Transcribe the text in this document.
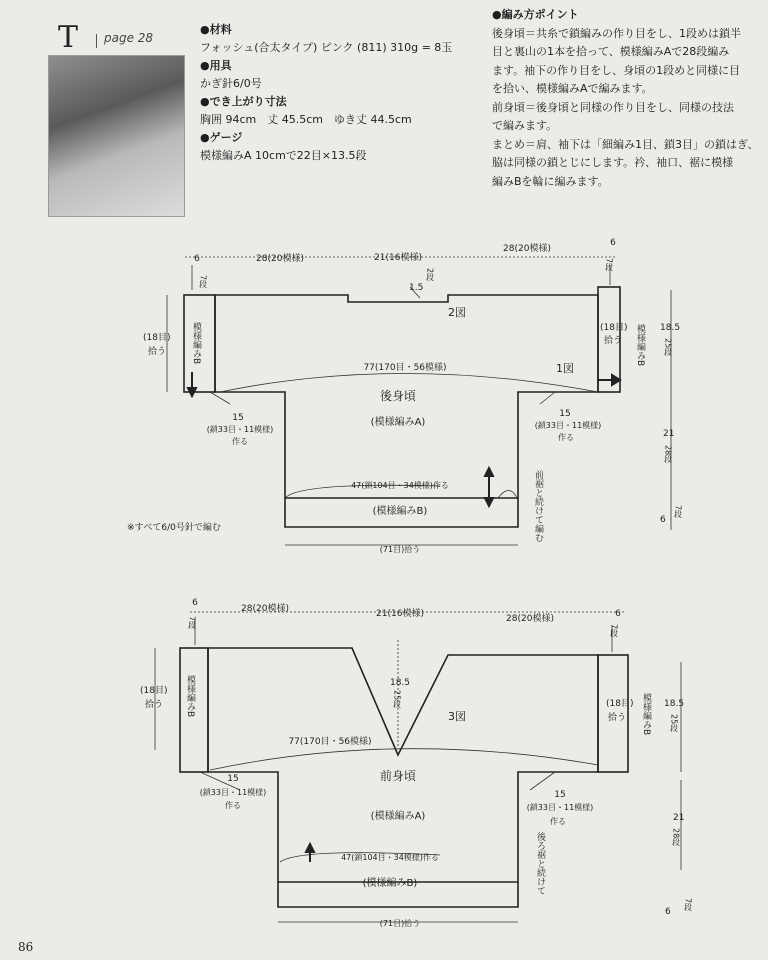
T page 28
●材料
フォッシュ(合太タイプ) ピンク (811) 310g = 8玉
●用具
かぎ針6/0号
●でき上がり寸法
胸囲 94cm　丈 45.5cm　ゆき丈 44.5cm
●ゲージ
模様編みA 10cmで22目×13.5段
●編み方ポイント
後身頃＝共糸で鎖編みの作り目をし、1段めは鎖半
目と裏山の1本を拾って、模様編みAで28段編み
ます。袖下の作り目をし、身頃の1段めと同様に目
を拾い、模様編みAで編みます。
前身頃＝後身頃と同様の作り目をし、同様の技法
で編みます。
まとめ＝肩、袖下は「細編み1目、鎖3目」の鎖はぎ、
脇は同様の鎖とじにします。衿、袖口、裾に模様
編みBを輪に編みます。
6
7段
28(20模様)	21(16模様)
28(20模様)
6
7段
1.5
2段
2図
1図
(18目)
拾う	模様編みB	(18目)
拾う 模様編みB 18.5
25段
77(170目・56模様)
後身頃
(模様編みA)
15
(鎖33目・11模様)
作る
15
(鎖33目・11模様)
作る	21
28段
47(鎖104目・34模様)作る
(模様編みB)
6
7段
(71目)拾う
前裾と続けて編む
6
7段
28(20模様)	21(16模様)	28(20模様)	6
7段
18.5
25段
3図
(18目)
拾う 模様編みB	(18目)
拾う 模様編みB 18.5
25段
77(170目・56模様)
前身頃
(模様編みA)
15
(鎖33目・11模様)
作る
15
(鎖33目・11模様)
作る	21
28段
47(鎖104目・34模様)作る
(模様編みB)
6
7段
(71目)拾う
後ろ裾と続けて
※すべて6/0号針で編む
86
